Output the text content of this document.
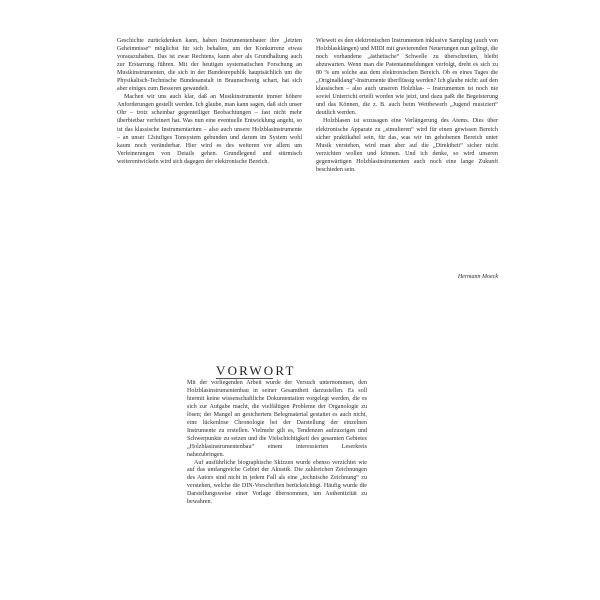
Geschichte zurückdenken kann, haben Instrumentenbauer ihre „letzten Geheimnisse“ möglichst für sich behalten, um der Konkurrenz etwas vorauszuhaben. Das ist zwar Rechtens, kann aber als Grundhaltung auch zur Erstarrung führen. Mit der heutigen systematischen Forschung an Musikinstrumenten, die sich in der Bundesrepublik hauptsächlich um die Physikalisch-Technische Bundesanstalt in Braunschweig schart, hat sich aber einiges zum Besseren gewandelt.

Machen wir uns auch klar, daß an Musikinstrumente immer höhere Anforderungen gestellt werden. Ich glaube, man kann sagen, daß sich unser Ohr – trotz scheinbar gegenteiliger Beobachtungen – fast nicht mehr überbietbar verfeinert hat. Was nun eine eventuelle Entwicklung angeht, so ist das klassische Instrumentarium – also auch unsere Holzblasinstrumente – an unser 12stufiges Tonsystem gebunden und darum im System wohl kaum noch veränderbar. Hier wird es des weiteren vor allem um Verfeinerungen von Details gehen. Grundlegend und stürmisch weiterentwickeln wird sich dagegen der elektronische Bereich.

Wieweit es den elektronischen Instrumenten inklusive Sampling (auch von Holzblasklängen) und MIDI mit gravierenden Neuerungen nun gelingt, die noch vorhandene „ästhetische“ Schwelle zu überschreiten, bleibt abzuwarten. Wenn man die Patentanmeldungen verfolgt, dreht es sich zu 80 % um solche aus dem elektronischen Bereich. Ob es eines Tages die „Originalklang“-Instrumente überflüssig werden? Ich glaube nicht: auf den klassischen – also auch unseren Holzblas- – Instrumenten ist noch nie soviel Unterricht erteilt worden wie jetzt, und dazu paßt die Begeisterung und das Können, die z. B. auch beim Wettbewerb „Jugend musiziert“ deutlich werden.

Holzblasen ist sozusagen eine Verlängerung des Atems. Dies über elektronische Apparate zu „simulieren“ wird für einen gewissen Bereich sicher praktikabel sein, für das, was wir im gehobenen Bereich unter Musik verstehen, wird man aber auf die „Direktheit“ sicher nicht verzichten wollen und können. Und ich denke, so wird unseren gegenwärtigen Holzblasinstrumenten auch noch eine lange Zukunft beschieden sein.

Hermann Moeck
VORWORT

Mit der vorliegenden Arbeit wurde der Versuch unternommen, den Holzblasinstrumentenbau in seiner Gesamtheit darzustellen. Es soll hiermit keine wissenschaftliche Dokumentation vorgelegt werden, die es sich zur Aufgabe macht, die vielfältigen Probleme der Organologie zu lösen; der Mangel an gesichertem Belegmaterial gestattet es auch nicht, eine lückenlose Chronologie bei der Darstellung der einzelnen Instrumente zu erstellen. Vielmehr gilt es, Tendenzen aufzuzeigen und Schwerpunkte zu setzen und die Vielschichtigkeit des gesamten Gebietes „Holzblasinstrumentenbau“ einem interessierten Leserkreis nahezubringen.

Auf ausführliche biographische Skizzen wurde ebenso verzichtet wie auf das umfangreiche Gebiet der Akustik. Die zahlreichen Zeichnungen des Autors sind nicht in jedem Fall als eine „technische Zeichnung“ zu verstehen, welche die DIN-Vorschriften berücksichtigt. Häufig wurde die Darstellungsweise einer Vorlage übernommen, um Authentizität zu bewahren.
